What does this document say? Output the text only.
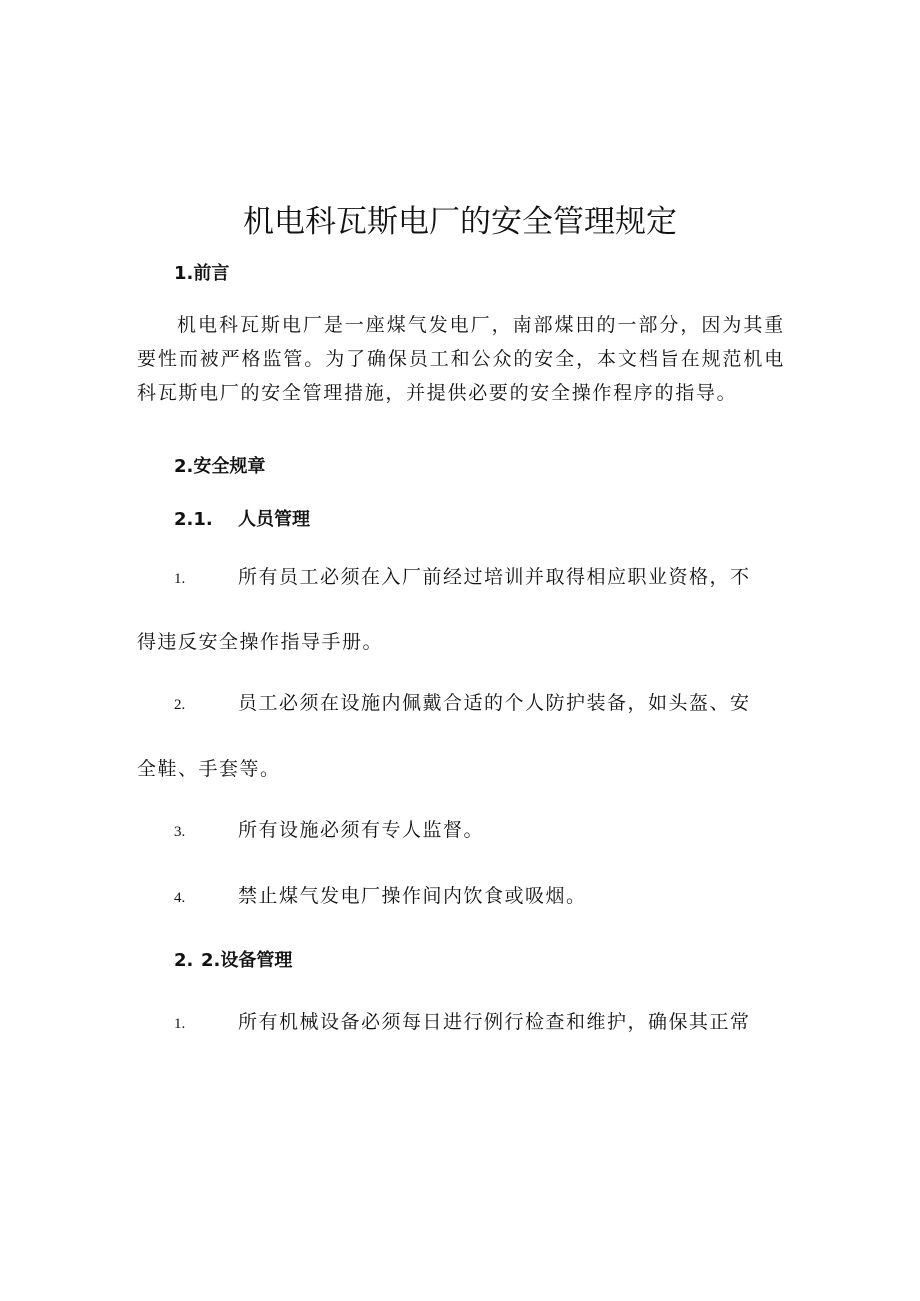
机电科瓦斯电厂的安全管理规定
1.前言
机电科瓦斯电厂是一座煤气发电厂，南部煤田的一部分，因为其重要性而被严格监管。为了确保员工和公众的安全，本文档旨在规范机电科瓦斯电厂的安全管理措施，并提供必要的安全操作程序的指导。
2.安全规章
2.1. 人员管理
1.	所有员工必须在入厂前经过培训并取得相应职业资格，不
得违反安全操作指导手册。
2.	员工必须在设施内佩戴合适的个人防护装备，如头盔、安
全鞋、手套等。
3.	所有设施必须有专人监督。
4.	禁止煤气发电厂操作间内饮食或吸烟。
2. 2.设备管理
1.	所有机械设备必须每日进行例行检查和维护，确保其正常
